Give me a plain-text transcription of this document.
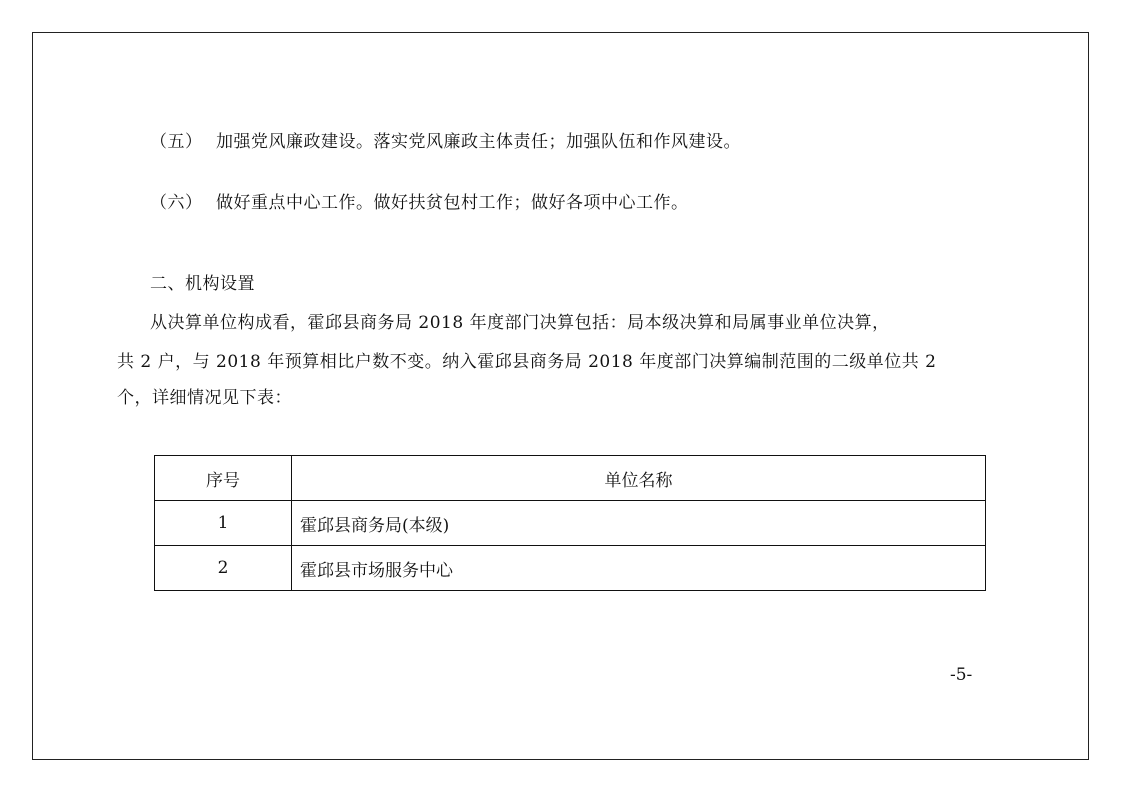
（五） 加强党风廉政建设。落实党风廉政主体责任；加强队伍和作风建设。
（六） 做好重点中心工作。做好扶贫包村工作；做好各项中心工作。
二、机构设置
从决算单位构成看，霍邱县商务局 2018 年度部门决算包括：局本级决算和局属事业单位决算，
共 2 户，与 2018 年预算相比户数不变。纳入霍邱县商务局 2018 年度部门决算编制范围的二级单位共 2
个，详细情况见下表：
序号	单位名称
1	霍邱县商务局(本级)
2	霍邱县市场服务中心
-5-
